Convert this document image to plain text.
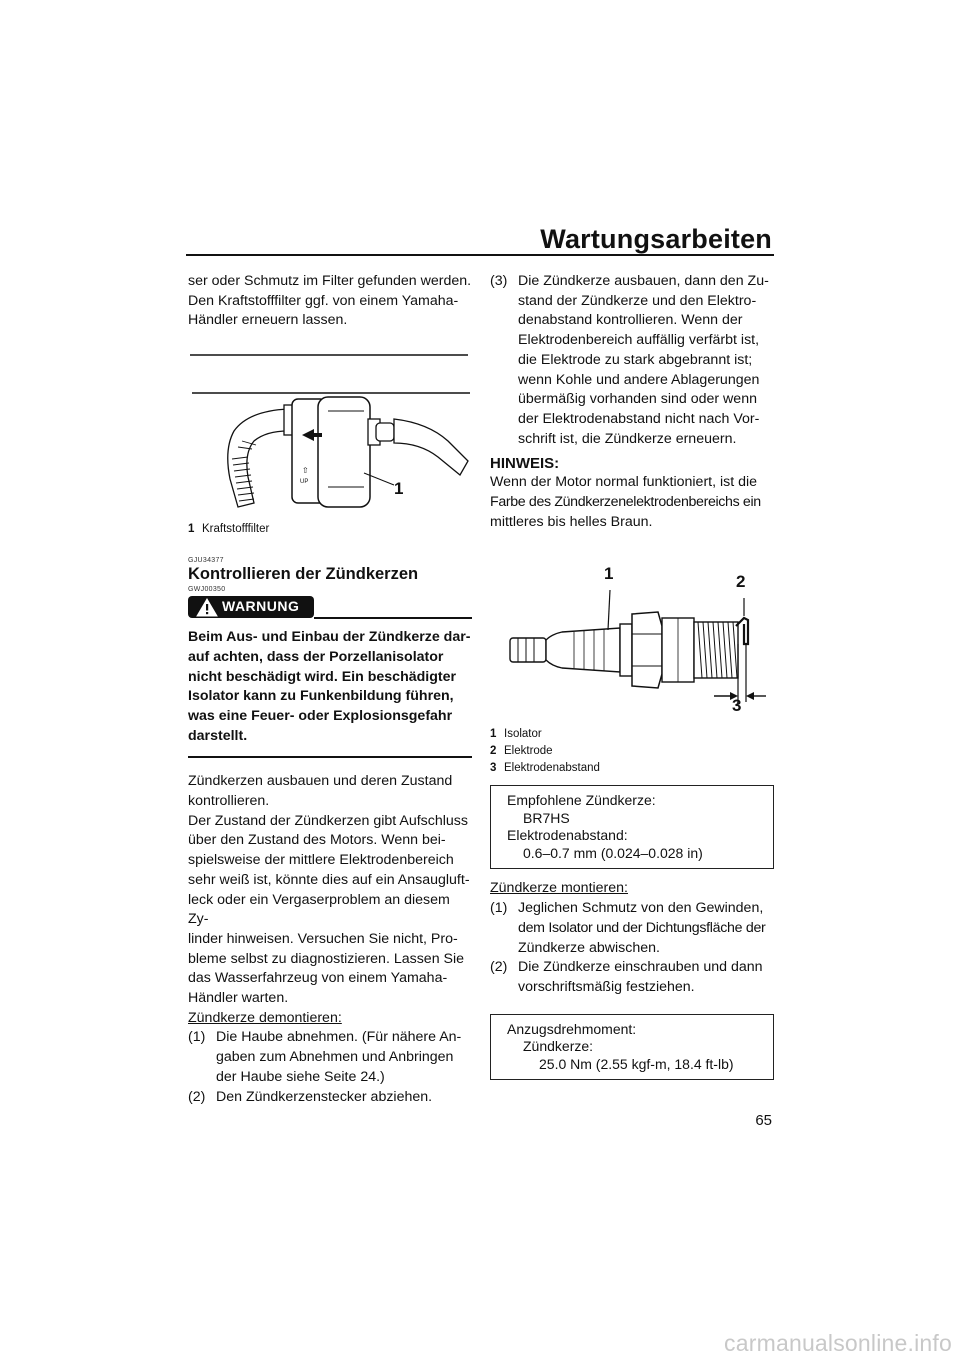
Wartungsarbeiten

ser oder Schmutz im Filter gefunden werden.

Den Kraftstofffilter ggf. von einem Yamaha-

Händler erneuern lassen.

⇧
UP	1
1 Kraftstofffilter
GJU34377
Kontrollieren der Zündkerzen
GWJ00350
WARNUNG
Beim Aus- und Einbau der Zündkerze dar-
auf achten, dass der Porzellanisolator
nicht beschädigt wird. Ein beschädigter
Isolator kann zu Funkenbildung führen,
was eine Feuer- oder Explosionsgefahr
darstellt.
Zündkerzen ausbauen und deren Zustand
kontrollieren.
Der Zustand der Zündkerzen gibt Aufschluss
über den Zustand des Motors. Wenn bei-
spielsweise der mittlere Elektrodenbereich
sehr weiß ist, könnte dies auf ein Ansaugluft-
leck oder ein Vergaserproblem an diesem Zy-
linder hinweisen. Versuchen Sie nicht, Pro-
bleme selbst zu diagnostizieren. Lassen Sie
das Wasserfahrzeug von einem Yamaha-
Händler warten.
Zündkerze demontieren:
(1) Die Haube abnehmen. (Für nähere An-
gaben zum Abnehmen und Anbringen
der Haube siehe Seite 24.)
(2) Den Zündkerzenstecker abziehen.
(3) Die Zündkerze ausbauen, dann den Zu-
stand der Zündkerze und den Elektro-
denabstand kontrollieren. Wenn der
Elektrodenbereich auffällig verfärbt ist,
die Elektrode zu stark abgebrannt ist;
wenn Kohle und andere Ablagerungen
übermäßig vorhanden sind oder wenn
der Elektrodenabstand nicht nach Vor-
schrift ist, die Zündkerze erneuern.
HINWEIS:
Wenn der Motor normal funktioniert, ist die
Farbe des Zündkerzenelektrodenbereichs ein
mittleres bis helles Braun.
1	2
3
1 Isolator
2 Elektrode
3 Elektrodenabstand
Empfohlene Zündkerze:
BR7HS
Elektrodenabstand:
0.6–0.7 mm (0.024–0.028 in)
Zündkerze montieren:
(1) Jeglichen Schmutz von den Gewinden,
dem Isolator und der Dichtungsfläche der
Zündkerze abwischen.
(2) Die Zündkerze einschrauben und dann
vorschriftsmäßig festziehen.
Anzugsdrehmoment:
Zündkerze:
25.0 Nm (2.55 kgf-m, 18.4 ft-lb)
65
carmanualsonline.info
